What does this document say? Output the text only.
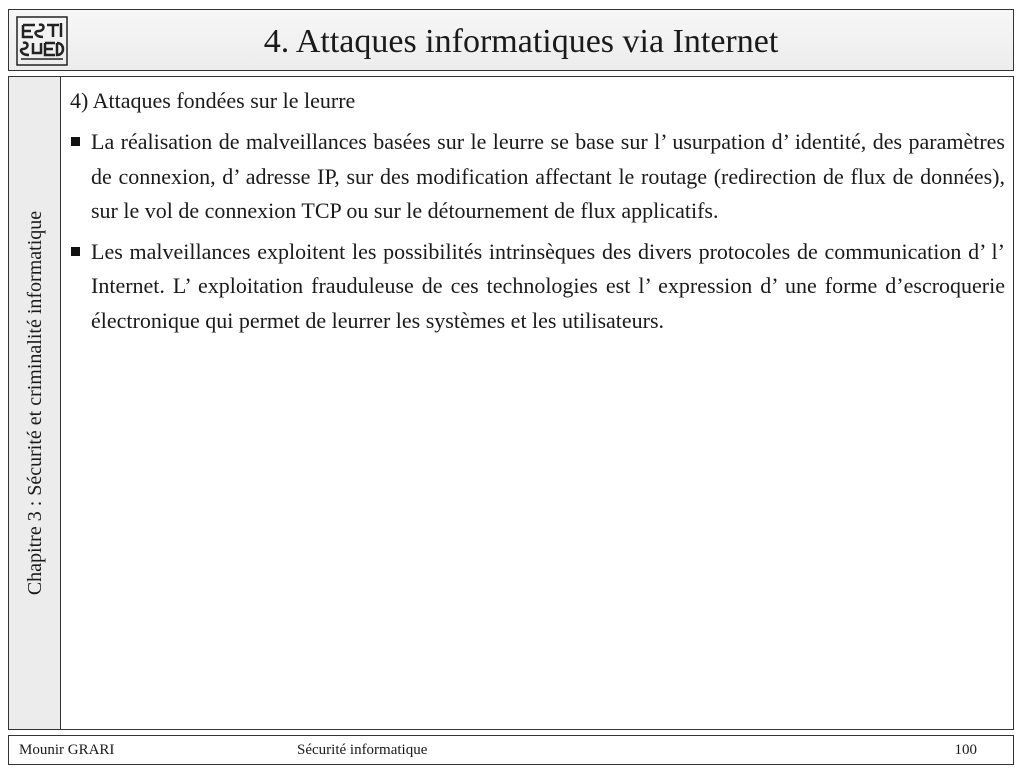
4. Attaques informatiques via Internet
Chapitre 3 : Sécurité et criminalité informatique
4) Attaques fondées sur le leurre
La réalisation de malveillances basées sur le leurre se base sur l’ usurpation d’ identité, des paramètres de connexion, d’ adresse IP, sur des modification affectant le routage (redirection de flux de données), sur le vol de connexion TCP ou sur le détournement de flux applicatifs.
Les malveillances exploitent les possibilités intrinsèques des divers protocoles de communication d’ l’ Internet. L’ exploitation frauduleuse de ces technologies est l’ expression d’ une forme d’escroquerie électronique qui permet de leurrer les systèmes et les utilisateurs.
Mounir GRARI	Sécurité informatique	100
